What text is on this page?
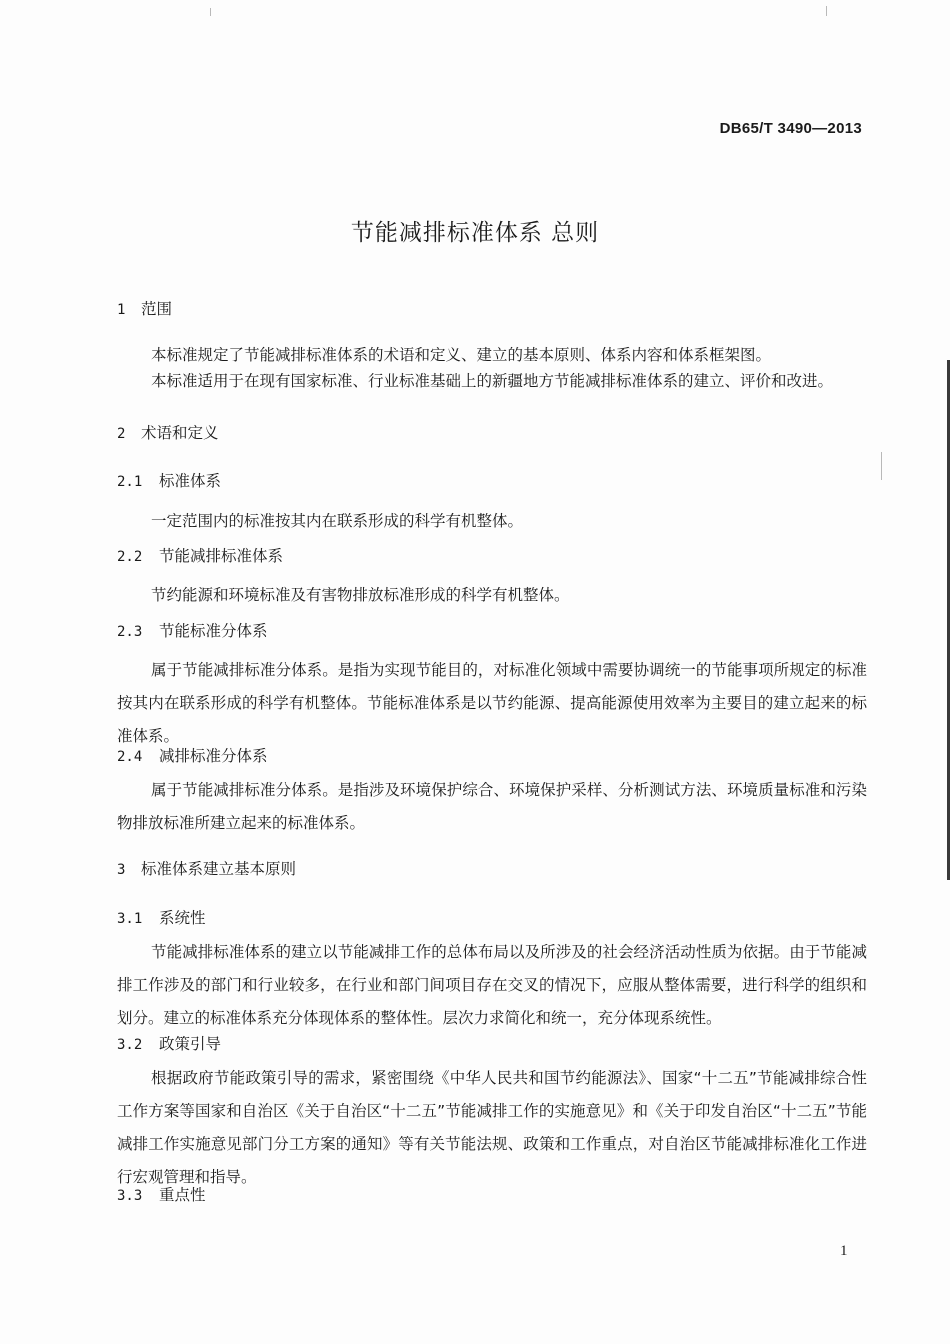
DB65/T 3490—2013
节能减排标准体系 总则
1 范围
本标准规定了节能减排标准体系的术语和定义、建立的基本原则、体系内容和体系框架图。
本标准适用于在现有国家标准、行业标准基础上的新疆地方节能减排标准体系的建立、评价和改进。
2 术语和定义
2.1 标准体系
一定范围内的标准按其内在联系形成的科学有机整体。
2.2 节能减排标准体系
节约能源和环境标准及有害物排放标准形成的科学有机整体。
2.3 节能标准分体系
属于节能减排标准分体系。是指为实现节能目的，对标准化领域中需要协调统一的节能事项所规定的标准按其内在联系形成的科学有机整体。节能标准体系是以节约能源、提高能源使用效率为主要目的建立起来的标准体系。
2.4 减排标准分体系
属于节能减排标准分体系。是指涉及环境保护综合、环境保护采样、分析测试方法、环境质量标准和污染物排放标准所建立起来的标准体系。
3 标准体系建立基本原则
3.1 系统性
节能减排标准体系的建立以节能减排工作的总体布局以及所涉及的社会经济活动性质为依据。由于节能减排工作涉及的部门和行业较多，在行业和部门间项目存在交叉的情况下，应服从整体需要，进行科学的组织和划分。建立的标准体系充分体现体系的整体性。层次力求简化和统一，充分体现系统性。
3.2 政策引导
根据政府节能政策引导的需求，紧密围绕《中华人民共和国节约能源法》、国家“十二五”节能减排综合性工作方案等国家和自治区《关于自治区“十二五”节能减排工作的实施意见》和《关于印发自治区“十二五”节能减排工作实施意见部门分工方案的通知》等有关节能法规、政策和工作重点，对自治区节能减排标准化工作进行宏观管理和指导。
3.3 重点性
1
